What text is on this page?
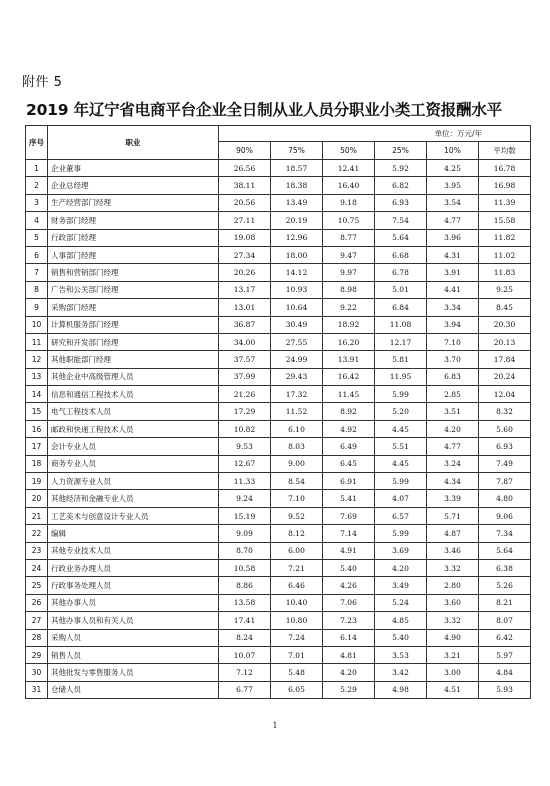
附件 5
2019 年辽宁省电商平台企业全日制从业人员分职业小类工资报酬水平
序号	职业	单位：万元/年					
		90%	75%	50%	25%	10%	平均数
1	企业董事	26.56	18.57	12.41	5.92	4.25	16.78
2	企业总经理	38.11	18.38	16.40	6.82	3.95	16.98
3	生产经营部门经理	20.56	13.49	9.18	6.93	3.54	11.39
4	财务部门经理	27.11	20.19	10.75	7.54	4.77	15.58
5	行政部门经理	19.08	12.96	8.77	5.64	3.96	11.82
6	人事部门经理	27.34	18.00	9.47	6.68	4.31	11.02
7	销售和营销部门经理	20.26	14.12	9.97	6.78	3.91	11.83
8	广告和公关部门经理	13.17	10.93	8.98	5.01	4.41	9.25
9	采购部门经理	13.01	10.64	9.22	6.84	3.34	8.45
10	计算机服务部门经理	36.87	30.49	18.92	11.08	3.94	20.30
11	研究和开发部门经理	34.00	27.55	16.20	12.17	7.10	20.13
12	其他职能部门经理	37.57	24.99	13.91	5.81	3.70	17.84
13	其他企业中高级管理人员	37.99	29.43	16.42	11.95	6.83	20.24
14	信息和通信工程技术人员	21.26	17.32	11.45	5.99	2.85	12.04
15	电气工程技术人员	17.29	11.52	8.92	5.20	3.51	8.32
16	邮政和快递工程技术人员	10.82	6.10	4.92	4.45	4.20	5.60
17	会计专业人员	9.53	8.03	6.49	5.51	4.77	6.93
18	商务专业人员	12.67	9.00	6.45	4.45	3.24	7.49
19	人力资源专业人员	11.33	8.54	6.91	5.99	4.34	7.87
20	其他经济和金融专业人员	9.24	7.10	5.41	4.07	3.39	4.80
21	工艺美术与创意设计专业人员	15.19	9.52	7.69	6.57	5.71	9.06
22	编辑	9.09	8.12	7.14	5.99	4.87	7.34
23	其他专业技术人员	8.70	6.00	4.91	3.69	3.46	5.64
24	行政业务办理人员	10.58	7.21	5.40	4.20	3.32	6.38
25	行政事务处理人员	8.86	6.46	4.26	3.49	2.80	5.26
26	其他办事人员	13.58	10.40	7.06	5.24	3.60	8.21
27	其他办事人员和有关人员	17.41	10.80	7.23	4.85	3.32	8.07
28	采购人员	8.24	7.24	6.14	5.40	4.90	6.42
29	销售人员	10.07	7.01	4.81	3.53	3.21	5.97
30	其他批发与零售服务人员	7.12	5.48	4.20	3.42	3.00	4.84
31	仓储人员	6.77	6.05	5.29	4.98	4.51	5.93
1
